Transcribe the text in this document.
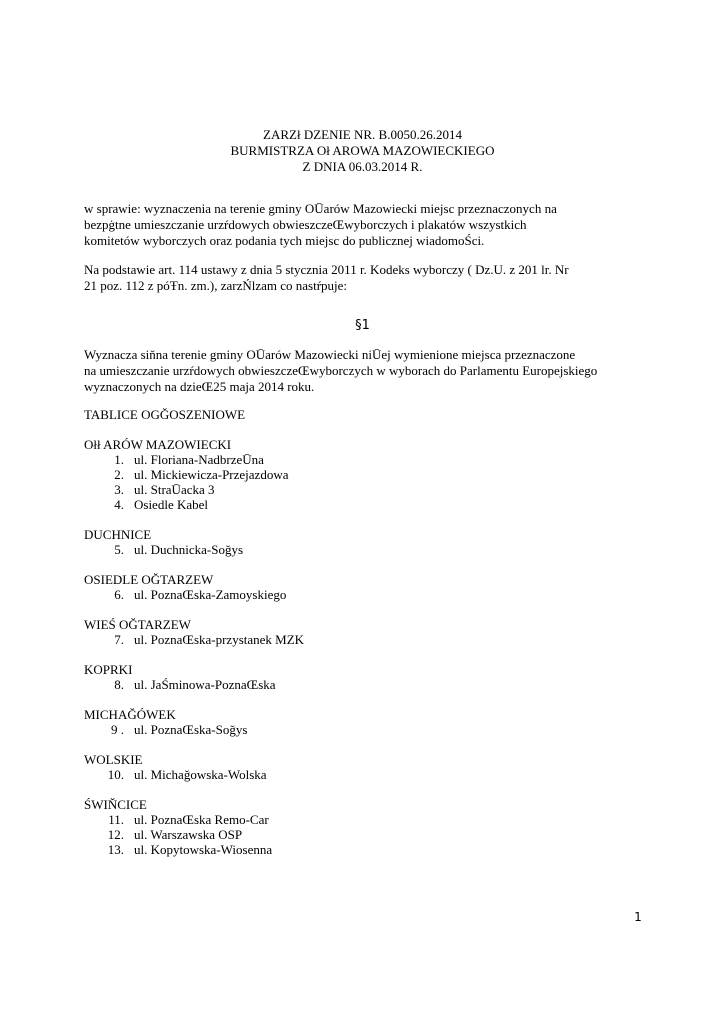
ZARZł DZENIE NR. B.0050.26.2014
BURMISTRZA Oł AROWA MAZOWIECKIEGO
Z DNIA 06.03.2014 R.
w sprawie: wyznaczenia na terenie gminy OŪarów Mazowiecki miejsc przeznaczonych na
bezpġtne umieszczanie urzŕdowych obwieszczeŒwyborczych i plakatów wszystkich
komitetów wyborczych oraz podania tych miejsc do publicznej wiadomoŚci.
Na podstawie art. 114 ustawy z dnia 5 stycznia 2011 r. Kodeks wyborczy ( Dz.U. z 201 lr. Nr
21 poz. 112 z póŦn. zm.), zarzŃlzam co nastŕpuje:
§1
Wyznacza siňna terenie gminy OŪarów Mazowiecki niŪej wymienione miejsca przeznaczone
na umieszczanie urzŕdowych obwieszczeŒwyborczych w wyborach do Parlamentu Europejskiego
wyznaczonych na dzieŒ25 maja 2014 roku.
TABLICE OGĞOSZENIOWE
Ołł ARÓW MAZOWIECKI
1. ul. Floriana-NadbrzeŪna
2. ul. Mickiewicza-Przejazdowa
3. ul. StraŪacka 3
4. Osiedle Kabel
DUCHNICE
5. ul. Duchnicka-Soğys
OSIEDLE OĞTARZEW
6. ul. PoznaŒska-Zamoyskiego
WIEŚ OĞTARZEW
7. ul. PoznaŒska-przystanek MZK
KOPRKI
8. ul. JaŚminowa-PoznaŒska
MICHAĞÓWEK
9 . ul. PoznaŒska-Soğys
WOLSKIE
10. ul. Michağowska-Wolska
ŚWIŇCICE
11. ul. PoznaŒska Remo-Car
12. ul. Warszawska OSP
13. ul. Kopytowska-Wiosenna
1
